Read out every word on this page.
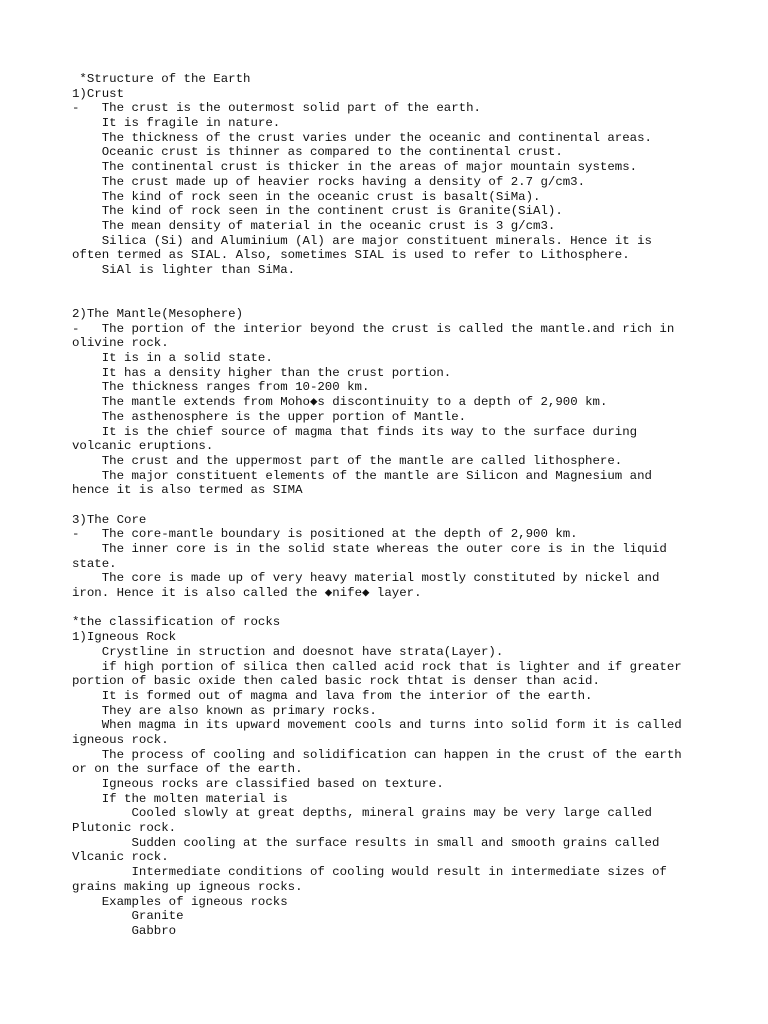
*Structure of the Earth
1)Crust
-   The crust is the outermost solid part of the earth.
It is fragile in nature.
The thickness of the crust varies under the oceanic and continental areas.
Oceanic crust is thinner as compared to the continental crust.
The continental crust is thicker in the areas of major mountain systems.
The crust made up of heavier rocks having a density of 2.7 g/cm3.
The kind of rock seen in the oceanic crust is basalt(SiMa).
The kind of rock seen in the continent crust is Granite(SiAl).
The mean density of material in the oceanic crust is 3 g/cm3.
Silica (Si) and Aluminium (Al) are major constituent minerals. Hence it is
often termed as SIAL. Also, sometimes SIAL is used to refer to Lithosphere.
SiAl is lighter than SiMa.
2)The Mantle(Mesophere)
-   The portion of the interior beyond the crust is called the mantle.and rich in
olivine rock.
It is in a solid state.
It has a density higher than the crust portion.
The thickness ranges from 10-200 km.
The mantle extends from Moho◆s discontinuity to a depth of 2,900 km.
The asthenosphere is the upper portion of Mantle.
It is the chief source of magma that finds its way to the surface during
volcanic eruptions.
The crust and the uppermost part of the mantle are called lithosphere.
The major constituent elements of the mantle are Silicon and Magnesium and
hence it is also termed as SIMA
3)The Core
-   The core-mantle boundary is positioned at the depth of 2,900 km.
The inner core is in the solid state whereas the outer core is in the liquid
state.
The core is made up of very heavy material mostly constituted by nickel and
iron. Hence it is also called the ◆nife◆ layer.
*the classification of rocks
1)Igneous Rock
Crystline in struction and doesnot have strata(Layer).
if high portion of silica then called acid rock that is lighter and if greater
portion of basic oxide then caled basic rock thtat is denser than acid.
It is formed out of magma and lava from the interior of the earth.
They are also known as primary rocks.
When magma in its upward movement cools and turns into solid form it is called
igneous rock.
The process of cooling and solidification can happen in the crust of the earth
or on the surface of the earth.
Igneous rocks are classified based on texture.
If the molten material is
Cooled slowly at great depths, mineral grains may be very large called
Plutonic rock.
Sudden cooling at the surface results in small and smooth grains called
Vlcanic rock.
Intermediate conditions of cooling would result in intermediate sizes of
grains making up igneous rocks.
Examples of igneous rocks
Granite
Gabbro
